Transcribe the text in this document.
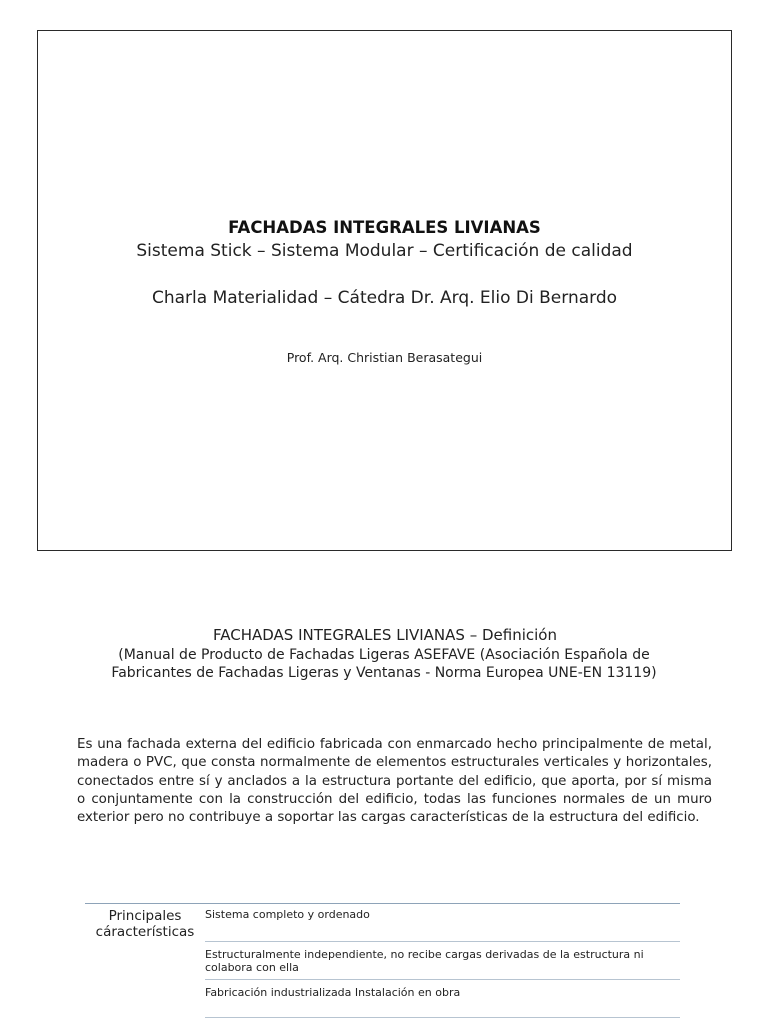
FACHADAS INTEGRALES LIVIANAS
Sistema Stick – Sistema Modular – Certificación de calidad
Charla Materialidad – Cátedra Dr. Arq. Elio Di Bernardo
Prof. Arq. Christian Berasategui
FACHADAS INTEGRALES LIVIANAS – Definición
(Manual de Producto de Fachadas Ligeras ASEFAVE (Asociación Española de Fabricantes de Fachadas Ligeras y Ventanas - Norma Europea UNE-EN 13119)

Es una fachada externa del edificio fabricada con enmarcado hecho principalmente de metal, madera o PVC, que consta normalmente de elementos estructurales verticales y horizontales, conectados entre sí y anclados a la estructura portante del edificio, que aporta, por sí misma o conjuntamente con la construcción del edificio, todas las funciones normales de un muro exterior pero no contribuye a soportar las cargas características de la estructura del edificio.

Principales cáracterísticas
Sistema completo y ordenado
Estructuralmente independiente, no recibe cargas derivadas de la estructura ni colabora con ella
Fabricación industrializada Instalación en obra
